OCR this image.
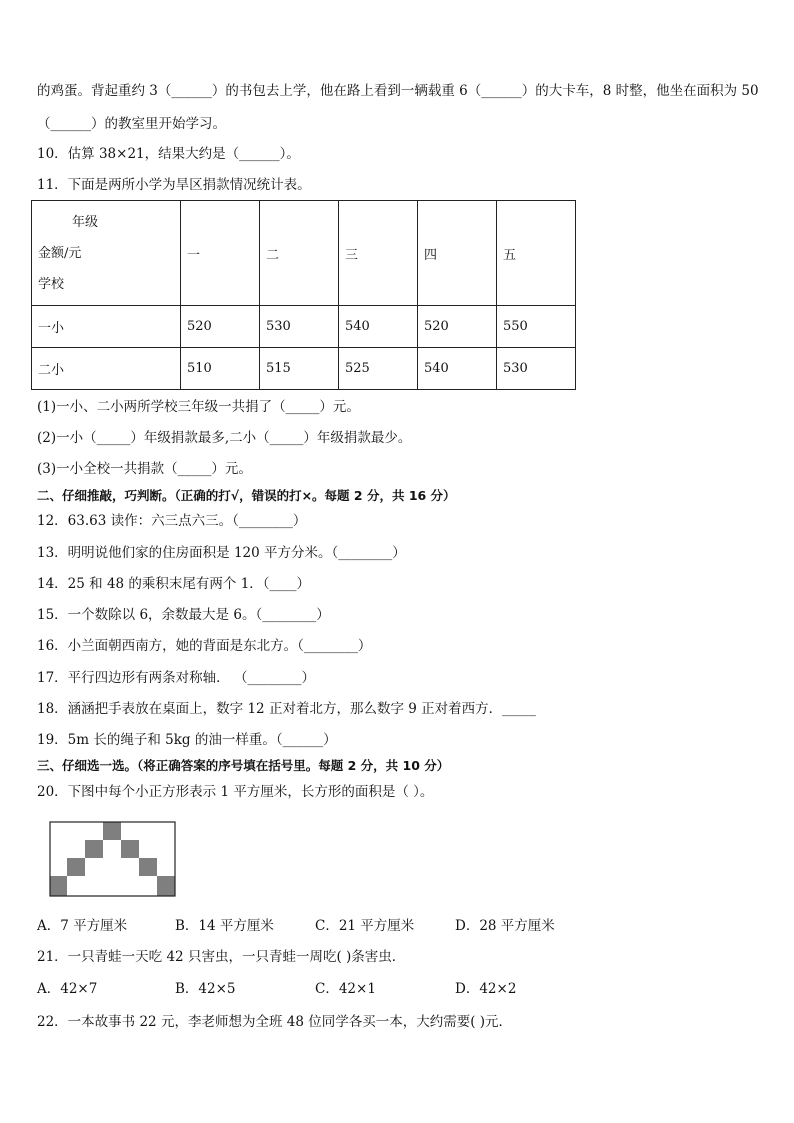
的鸡蛋。背起重约 3（______）的书包去上学，他在路上看到一辆载重 6（______）的大卡车，8 时整，他坐在面积为 50
（______）的教室里开始学习。
10．估算 38×21，结果大约是（______）。
11．下面是两所小学为旱区捐款情况统计表。
年级
金额/元
学校	一	二	三	四	五
一小	520	530	540	520	550
二小	510	515	525	540	530
(1)一小、二小两所学校三年级一共捐了（_____）元。
(2)一小（_____）年级捐款最多,二小（_____）年级捐款最少。
(3)一小全校一共捐款（_____）元。
二、仔细推敲，巧判断。（正确的打√，错误的打×。每题 2 分，共 16 分）
12．63.63 读作：六三点六三。（________）
13．明明说他们家的住房面积是 120 平方分米。（________）
14．25 和 48 的乘积末尾有两个 1．（____）
15．一个数除以 6，余数最大是 6。（________）
16．小兰面朝西南方，她的背面是东北方。（________）
17．平行四边形有两条对称轴． （________）
18．涵涵把手表放在桌面上，数字 12 正对着北方，那么数字 9 正对着西方．_____
19．5m 长的绳子和 5kg 的油一样重。（______）
三、仔细选一选。（将正确答案的序号填在括号里。每题 2 分，共 10 分）
20．下图中每个小正方形表示 1 平方厘米，长方形的面积是（ ）。
A．7 平方厘米	B．14 平方厘米	C．21 平方厘米	D．28 平方厘米
21．一只青蛙一天吃 42 只害虫，一只青蛙一周吃( )条害虫．
A．42×7	B．42×5	C．42×1	D．42×2
22．一本故事书 22 元，李老师想为全班 48 位同学各买一本，大约需要( )元．
